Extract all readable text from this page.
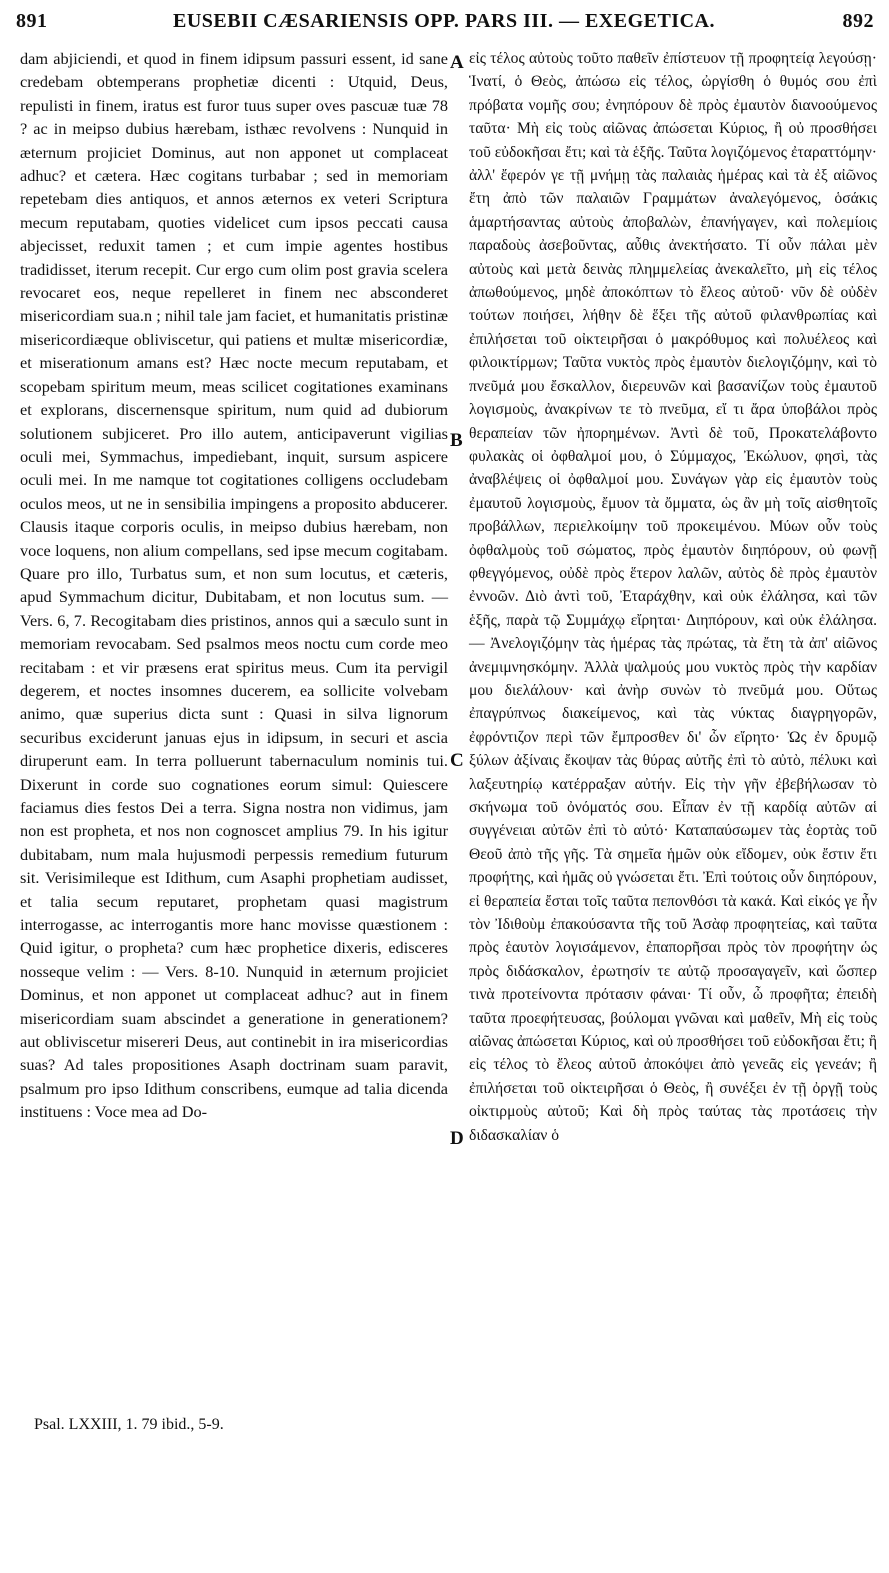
891	EUSEBII CÆSARIENSIS OPP. PARS III. — EXEGETICA.	892

dam abjiciendi, et quod in finem idipsum passuri essent, id sane credebam obtemperans prophetiæ dicenti : Utquid, Deus, repulisti in finem, iratus est furor tuus super oves pascuæ tuæ 78 ? ac in meipso dubius hærebam, isthæc revolvens : Nunquid in æternum projiciet Dominus, aut non apponet ut complaceat adhuc? et cætera. Hæc cogitans turbabar ; sed in memoriam repetebam dies antiquos, et annos æternos ex veteri Scriptura mecum reputabam, quoties videlicet cum ipsos peccati causa abjecisset, reduxit tamen ; et cum impie agentes hostibus tradidisset, iterum recepit. Cur ergo cum olim post gravia scelera revocaret eos, neque repelleret in finem nec absconderet misericordiam sua.n ; nihil tale jam faciet, et humanitatis pristinæ misericordiæque obliviscetur, qui patiens et multæ misericordiæ, et miserationum amans est? Hæc nocte mecum reputabam, et scopebam spiritum meum, meas scilicet cogitationes examinans et explorans, discernensque spiritum, num quid ad dubiorum solutionem subjiceret. Pro illo autem, anticipaverunt vigilias oculi mei, Symmachus, impediebant, inquit, sursum aspicere oculi mei. In me namque tot cogitationes colligens occludebam oculos meos, ut ne in sensibilia impingens a proposito abducerer. Clausis itaque corporis oculis, in meipso dubius hærebam, non voce loquens, non alium compellans, sed ipse mecum cogitabam. Quare pro illo, Turbatus sum, et non sum locutus, et cæteris, apud Symmachum dicitur, Dubitabam, et non locutus sum. — Vers. 6, 7. Recogitabam dies pristinos, annos qui a sæculo sunt in memoriam revocabam. Sed psalmos meos noctu cum corde meo recitabam : et vir præsens erat spiritus meus. Cum ita pervigil degerem, et noctes insomnes ducerem, ea sollicite volvebam animo, quæ superius dicta sunt : Quasi in silva lignorum securibus exciderunt januas ejus in idipsum, in securi et ascia diruperunt eam. In terra polluerunt tabernaculum nominis tui. Dixerunt in corde suo cognationes eorum simul: Quiescere faciamus dies festos Dei a terra. Signa nostra non vidimus, jam non est propheta, et nos non cognoscet amplius 79. In his igitur dubitabam, num mala hujusmodi perpessis remedium futurum sit. Verisimileque est Idithum, cum Asaphi prophetiam audisset, et talia secum reputaret, prophetam quasi magistrum interrogasse, ac interrogantis more hanc movisse quæstionem : Quid igitur, o propheta? cum hæc prophetice dixeris, edisceres nosseque velim : — Vers. 8-10. Nunquid in æternum projiciet Dominus, et non apponet ut complaceat adhuc? aut in finem misericordiam suam abscindet a generatione in generationem? aut obliviscetur misereri Deus, aut continebit in ira misericordias suas? Ad tales propositiones Asaph doctrinam suam paravit, psalmum pro ipso Idithum conscribens, eumque ad talia dicenda instituens : Voce mea ad Do-

A
B
C
D

εἰς τέλος αὐτοὺς τοῦτο παθεῖν ἐπίστευον τῇ προφητείᾳ λεγούσῃ· Ἱνατί, ὁ Θεὸς, ἀπώσω εἰς τέλος, ὠργίσθη ὁ θυμός σου ἐπὶ πρόβατα νομῆς σου; ἐνηπόρουν δὲ πρὸς ἐμαυτὸν διανοούμενος ταῦτα· Μὴ εἰς τοὺς αἰῶνας ἀπώσεται Κύριος, ἢ οὐ προσθήσει τοῦ εὐδοκῆσαι ἔτι; καὶ τὰ ἑξῆς. Ταῦτα λογιζόμενος ἐταραττόμην· ἀλλ' ἔφερόν γε τῇ μνήμῃ τὰς παλαιὰς ἡμέρας καὶ τὰ ἐξ αἰῶνος ἔτη ἀπὸ τῶν παλαιῶν Γραμμάτων ἀναλεγόμενος, ὁσάκις ἁμαρτήσαντας αὐτοὺς ἀποβαλὼν, ἐπανήγαγεν, καὶ πολεμίοις παραδοὺς ἀσεβοῦντας, αὖθις ἀνεκτήσατο. Τί οὖν πάλαι μὲν αὐτοὺς καὶ μετὰ δεινὰς πλημμελείας ἀνεκαλεῖτο, μὴ εἰς τέλος ἀπωθούμενος, μηδὲ ἀποκόπτων τὸ ἔλεος αὐτοῦ· νῦν δὲ οὐδὲν τούτων ποιήσει, λήθην δὲ ἕξει τῆς αὐτοῦ φιλανθρωπίας καὶ ἐπιλήσεται τοῦ οἰκτειρῆσαι ὁ μακρόθυμος καὶ πολυέλεος καὶ φιλοικτίρμων; Ταῦτα νυκτὸς πρὸς ἐμαυτὸν διελογιζόμην, καὶ τὸ πνεῦμά μου ἔσκαλλον, διερευνῶν καὶ βασανίζων τοὺς ἐμαυτοῦ λογισμοὺς, ἀνακρίνων τε τὸ πνεῦμα, εἴ τι ἄρα ὑποβάλοι πρὸς θεραπείαν τῶν ἠπορημένων. Ἀντὶ δὲ τοῦ, Προκατελάβοντο φυλακὰς οἱ ὀφθαλμοί μου, ὁ Σύμμαχος, Ἐκώλυον, φησὶ, τὰς ἀναβλέψεις οἱ ὀφθαλμοί μου. Συνάγων γὰρ εἰς ἐμαυτὸν τοὺς ἐμαυτοῦ λογισμοὺς, ἔμυον τὰ ὄμματα, ὡς ἂν μὴ τοῖς αἰσθητοῖς προβάλλων, περιελκοίμην τοῦ προκειμένου. Μύων οὖν τοὺς ὀφθαλμοὺς τοῦ σώματος, πρὸς ἐμαυτὸν διηπόρουν, οὐ φωνῇ φθεγγόμενος, οὐδὲ πρὸς ἕτερον λαλῶν, αὐτὸς δὲ πρὸς ἐμαυτὸν ἐννοῶν. Διὸ ἀντὶ τοῦ, Ἐταράχθην, καὶ οὐκ ἐλάλησα, καὶ τῶν ἑξῆς, παρὰ τῷ Συμμάχῳ εἴρηται· Διηπόρουν, καὶ οὐκ ἐλάλησα. — Ἀνελογιζόμην τὰς ἡμέρας τὰς πρώτας, τὰ ἔτη τὰ ἀπ' αἰῶνος ἀνεμιμνησκόμην. Ἀλλὰ ψαλμούς μου νυκτὸς πρὸς τὴν καρδίαν μου διελάλουν· καὶ ἀνὴρ συνὼν τὸ πνεῦμά μου. Οὕτως ἐπαγρύπνως διακείμενος, καὶ τὰς νύκτας διαγρηγορῶν, ἐφρόντιζον περὶ τῶν ἔμπροσθεν δι' ὧν εἴρητο· Ὡς ἐν δρυμῷ ξύλων ἀξίναις ἔκοψαν τὰς θύρας αὐτῆς ἐπὶ τὸ αὐτὸ, πέλυκι καὶ λαξευτηρίῳ κατέρραξαν αὐτήν. Εἰς τὴν γῆν ἐβεβήλωσαν τὸ σκήνωμα τοῦ ὀνόματός σου. Εἶπαν ἐν τῇ καρδίᾳ αὐτῶν αἱ συγγένειαι αὐτῶν ἐπὶ τὸ αὐτό· Καταπαύσωμεν τὰς ἑορτὰς τοῦ Θεοῦ ἀπὸ τῆς γῆς. Τὰ σημεῖα ἡμῶν οὐκ εἴδομεν, οὐκ ἔστιν ἔτι προφήτης, καὶ ἡμᾶς οὐ γνώσεται ἔτι. Ἐπὶ τούτοις οὖν διηπόρουν, εἰ θεραπεία ἔσται τοῖς ταῦτα πεπονθόσι τὰ κακά. Καὶ εἰκός γε ἦν τὸν Ἰδιθοὺμ ἐπακούσαντα τῆς τοῦ Ἀσὰφ προφητείας, καὶ ταῦτα πρὸς ἑαυτὸν λογισάμενον, ἐπαπορῆσαι πρὸς τὸν προφήτην ὡς πρὸς διδάσκαλον, ἐρωτησίν τε αὐτῷ προσαγαγεῖν, καὶ ὥσπερ τινὰ προτείνοντα πρότασιν φάναι· Τί οὖν, ὦ προφῆτα; ἐπειδὴ ταῦτα προεφήτευσας, βούλομαι γνῶναι καὶ μαθεῖν, Μὴ εἰς τοὺς αἰῶνας ἀπώσεται Κύριος, καὶ οὐ προσθήσει τοῦ εὐδοκῆσαι ἔτι; ἢ εἰς τέλος τὸ ἔλεος αὐτοῦ ἀποκόψει ἀπὸ γενεᾶς εἰς γενεάν; ἢ ἐπιλήσεται τοῦ οἰκτειρῆσαι ὁ Θεὸς, ἢ συνέξει ἐν τῇ ὀργῇ τοὺς οἰκτιρμοὺς αὐτοῦ; Καὶ δὴ πρὸς ταύτας τὰς προτάσεις τὴν διδασκαλίαν ὁ

Psal. LXXIII, 1. 79 ibid., 5-9.
